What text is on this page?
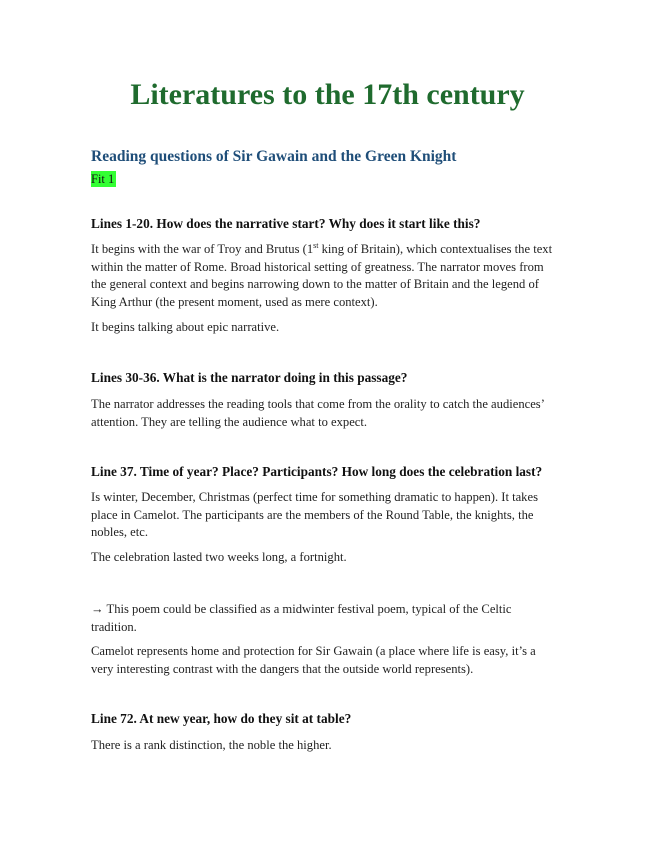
Literatures to the 17th century
Reading questions of Sir Gawain and the Green Knight
Fit 1
Lines 1-20. How does the narrative start? Why does it start like this?
It begins with the war of Troy and Brutus (1st king of Britain), which contextualises the text
within the matter of Rome. Broad historical setting of greatness. The narrator moves from
the general context and begins narrowing down to the matter of Britain and the legend of
King Arthur (the present moment, used as mere context).
It begins talking about epic narrative.
Lines 30-36. What is the narrator doing in this passage?
The narrator addresses the reading tools that come from the orality to catch the audiences’
attention. They are telling the audience what to expect.
Line 37. Time of year? Place? Participants? How long does the celebration last?
Is winter, December, Christmas (perfect time for something dramatic to happen). It takes
place in Camelot. The participants are the members of the Round Table, the knights, the
nobles, etc.
The celebration lasted two weeks long, a fortnight.
→ This poem could be classified as a midwinter festival poem, typical of the Celtic
tradition.
Camelot represents home and protection for Sir Gawain (a place where life is easy, it’s a
very interesting contrast with the dangers that the outside world represents).
Line 72. At new year, how do they sit at table?
There is a rank distinction, the noble the higher.
